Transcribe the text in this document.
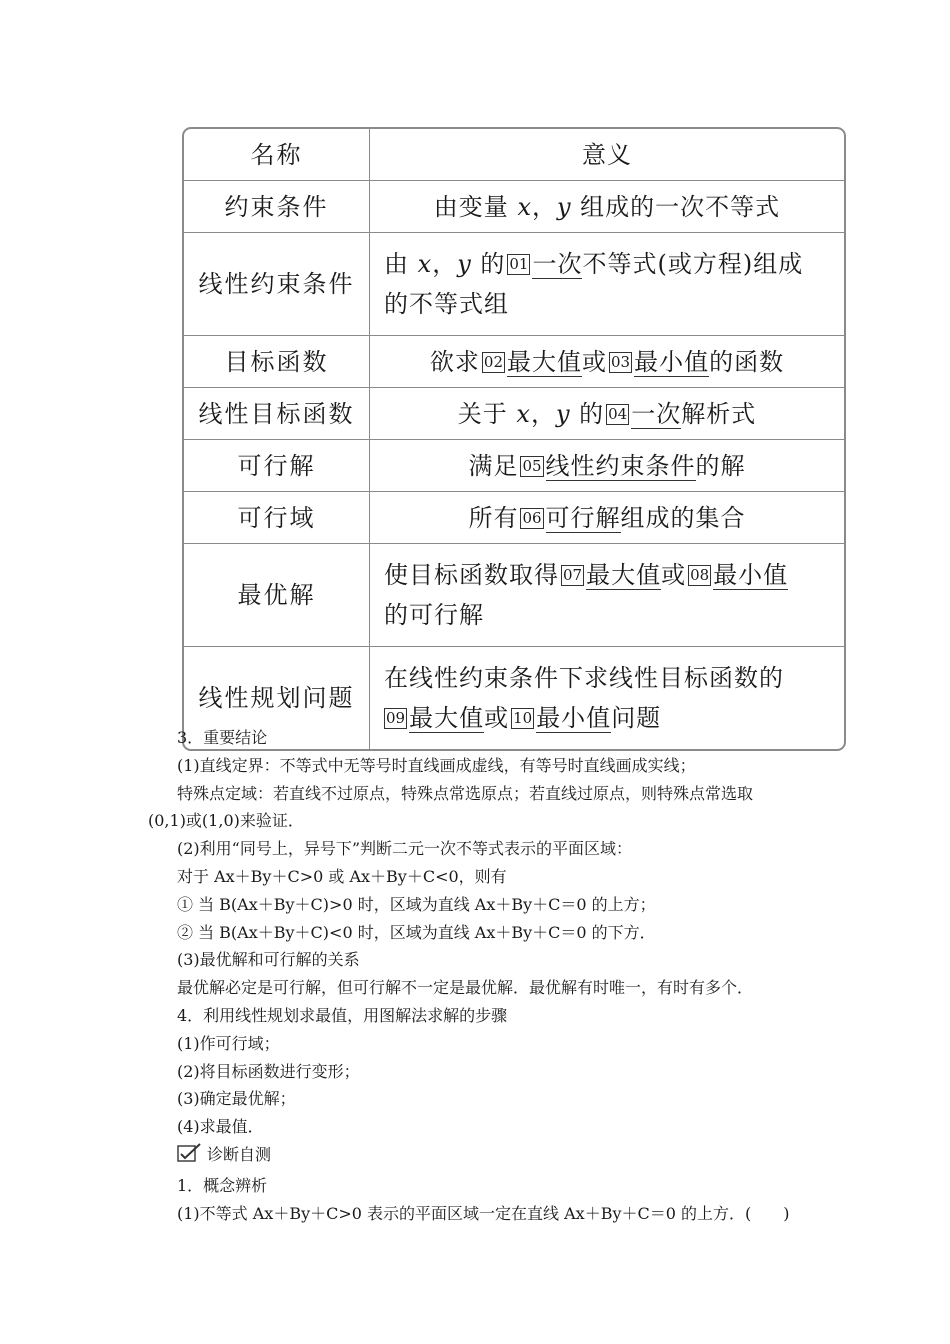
名称	意义
约束条件	由变量 x，y 组成的一次不等式
线性约束条件	由 x，y 的 01 一次不等式(或方程)组成
的不等式组
目标函数	欲求 02 最大值或 03 最小值的函数
线性目标函数	关于 x，y 的 04 一次解析式
可行解	满足 05 线性约束条件的解
可行域	所有 06 可行解组成的集合
最优解	使目标函数取得 07 最大值或 08 最小值
的可行解
线性规划问题	在线性约束条件下求线性目标函数的
09 最大值或 10 最小值问题

3．重要结论

(1)直线定界：不等式中无等号时直线画成虚线，有等号时直线画成实线；

特殊点定域：若直线不过原点，特殊点常选原点；若直线过原点，则特殊点常选取

(0,1)或(1,0)来验证．

(2)利用“同号上，异号下”判断二元一次不等式表示的平面区域：

对于 Ax＋By＋C>0 或 Ax＋By＋C<0，则有

① 当 B(Ax＋By＋C)>0 时，区域为直线 Ax＋By＋C＝0 的上方；

② 当 B(Ax＋By＋C)<0 时，区域为直线 Ax＋By＋C＝0 的下方．

(3)最优解和可行解的关系

最优解必定是可行解，但可行解不一定是最优解．最优解有时唯一，有时有多个．

4．利用线性规划求最值，用图解法求解的步骤

(1)作可行域；

(2)将目标函数进行变形；

(3)确定最优解；

(4)求最值．

诊断自测

1．概念辨析

(1)不等式 Ax＋By＋C>0 表示的平面区域一定在直线 Ax＋By＋C＝0 的上方．(　　)
